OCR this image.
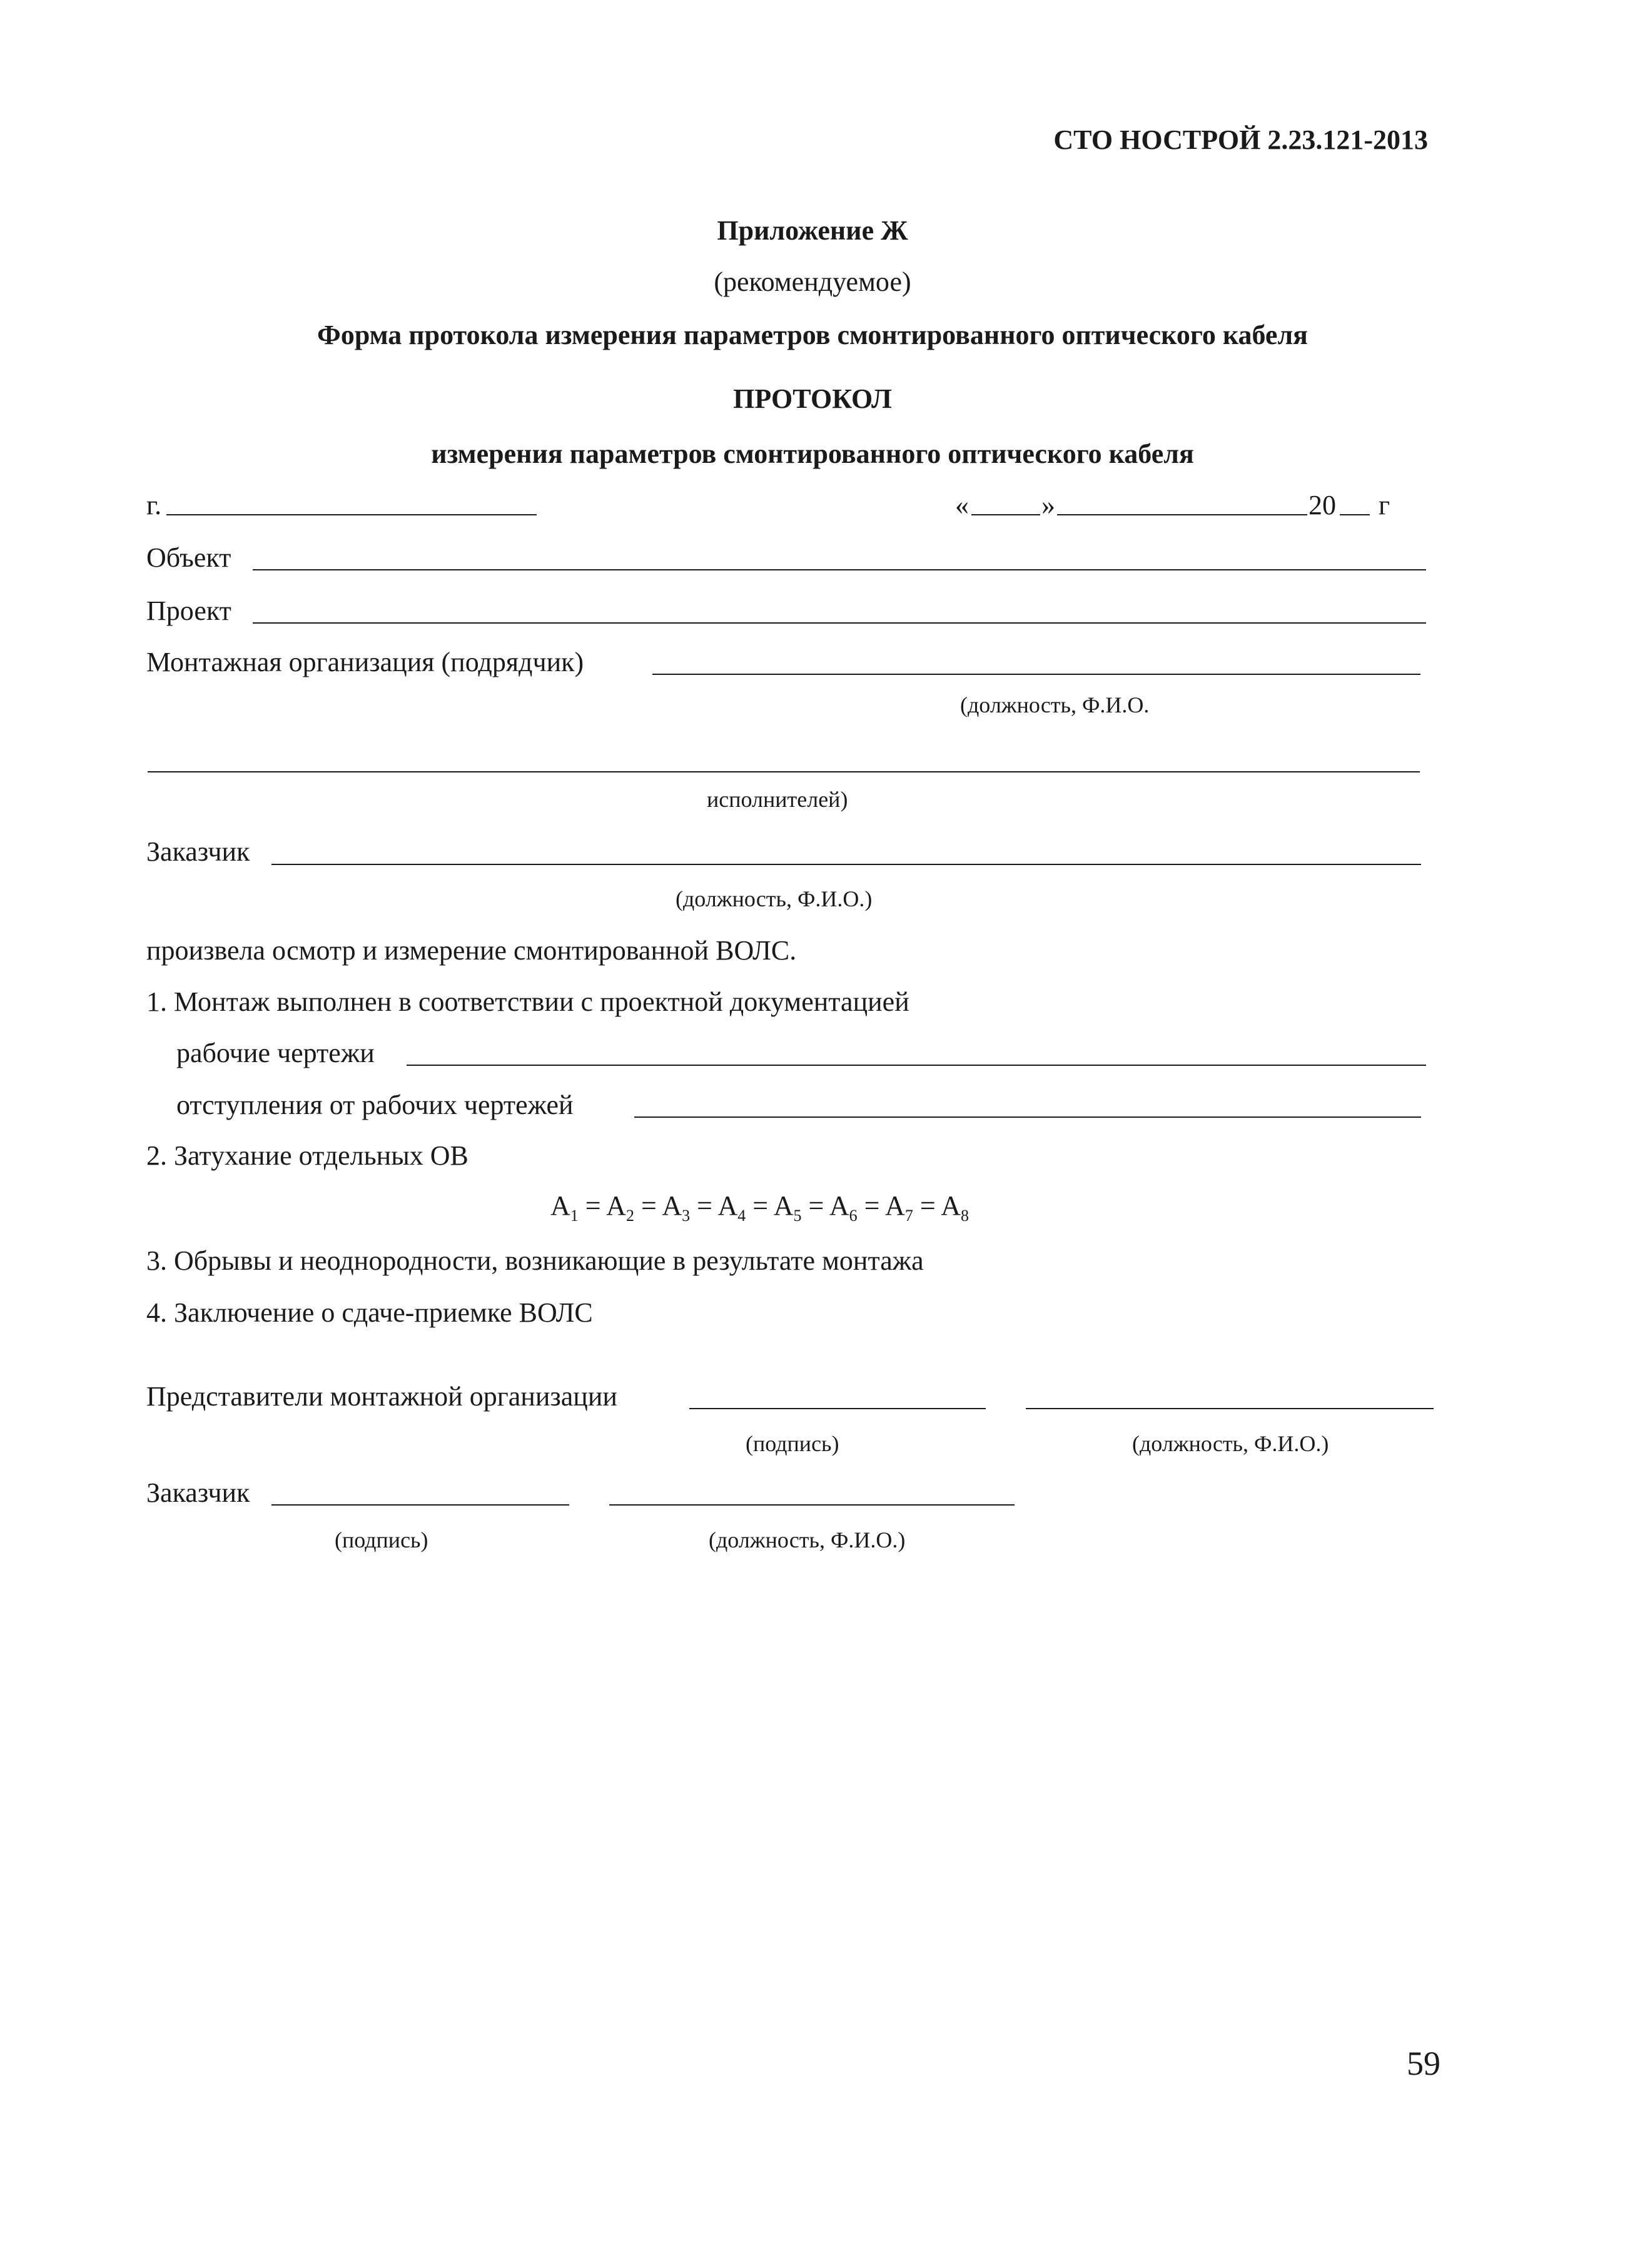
СТО НОСТРОЙ 2.23.121-2013
Приложение Ж
(рекомендуемое)
Форма протокола измерения параметров смонтированного оптического кабеля
ПРОТОКОЛ
измерения параметров смонтированного оптического кабеля
г.	«	»	20 г
Объект
Проект
Монтажная организация (подрядчик)
(должность, Ф.И.О.
исполнителей)
Заказчик
(должность, Ф.И.О.)
произвела осмотр и измерение смонтированной ВОЛС.
1. Монтаж выполнен в соответствии с проектной документацией
рабочие чертежи
отступления от рабочих чертежей
2. Затухание отдельных ОВ
$A_1 = A_2 = A_3 = A_4 = A_5 = A_6 = A_7 = A_8$
3. Обрывы и неоднородности, возникающие в результате монтажа
4. Заключение о сдаче-приемке ВОЛС
Представители монтажной организации
(подпись)	(должность, Ф.И.О.)
Заказчик
(подпись)	(должность, Ф.И.О.)
59
